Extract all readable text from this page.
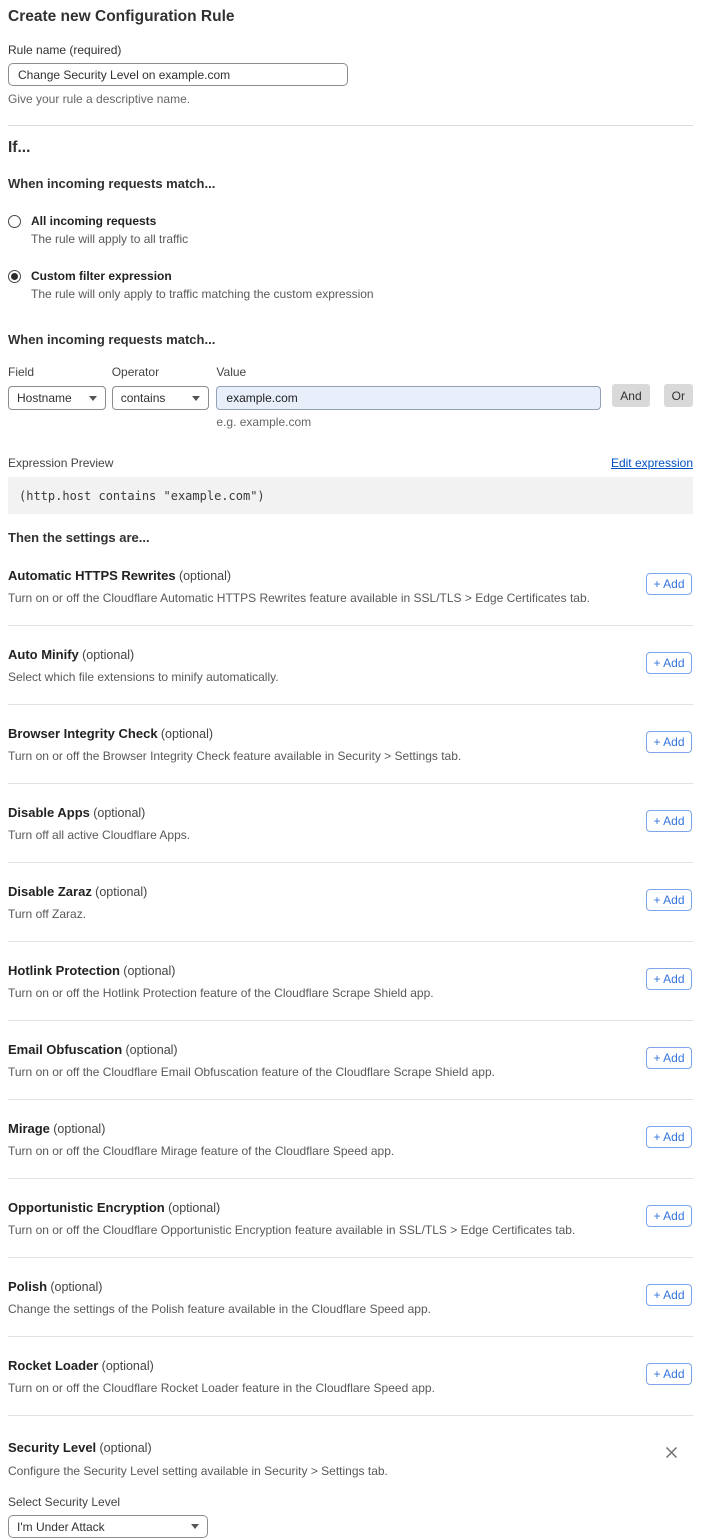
Create new Configuration Rule
Rule name (required)
Change Security Level on example.com
Give your rule a descriptive name.
If...
When incoming requests match...
All incoming requests
The rule will apply to all traffic
Custom filter expression
The rule will only apply to traffic matching the custom expression
When incoming requests match...
Field
Hostname
Operator
contains
Value
example.com
e.g. example.com
And	Or
Expression Preview	Edit expression
(http.host contains "example.com")
Then the settings are...
Automatic HTTPS Rewrites (optional)
Turn on or off the Cloudflare Automatic HTTPS Rewrites feature available in SSL/TLS > Edge Certificates tab.
+ Add
Auto Minify (optional)
Select which file extensions to minify automatically.
+ Add
Browser Integrity Check (optional)
Turn on or off the Browser Integrity Check feature available in Security > Settings tab.
+ Add
Disable Apps (optional)
Turn off all active Cloudflare Apps.
+ Add
Disable Zaraz (optional)
Turn off Zaraz.
+ Add
Hotlink Protection (optional)
Turn on or off the Hotlink Protection feature of the Cloudflare Scrape Shield app.
+ Add
Email Obfuscation (optional)
Turn on or off the Cloudflare Email Obfuscation feature of the Cloudflare Scrape Shield app.
+ Add
Mirage (optional)
Turn on or off the Cloudflare Mirage feature of the Cloudflare Speed app.
+ Add
Opportunistic Encryption (optional)
Turn on or off the Cloudflare Opportunistic Encryption feature available in SSL/TLS > Edge Certificates tab.
+ Add
Polish (optional)
Change the settings of the Polish feature available in the Cloudflare Speed app.
+ Add
Rocket Loader (optional)
Turn on or off the Cloudflare Rocket Loader feature in the Cloudflare Speed app.
+ Add
Security Level (optional)
Configure the Security Level setting available in Security > Settings tab.
Select Security Level
I'm Under Attack
